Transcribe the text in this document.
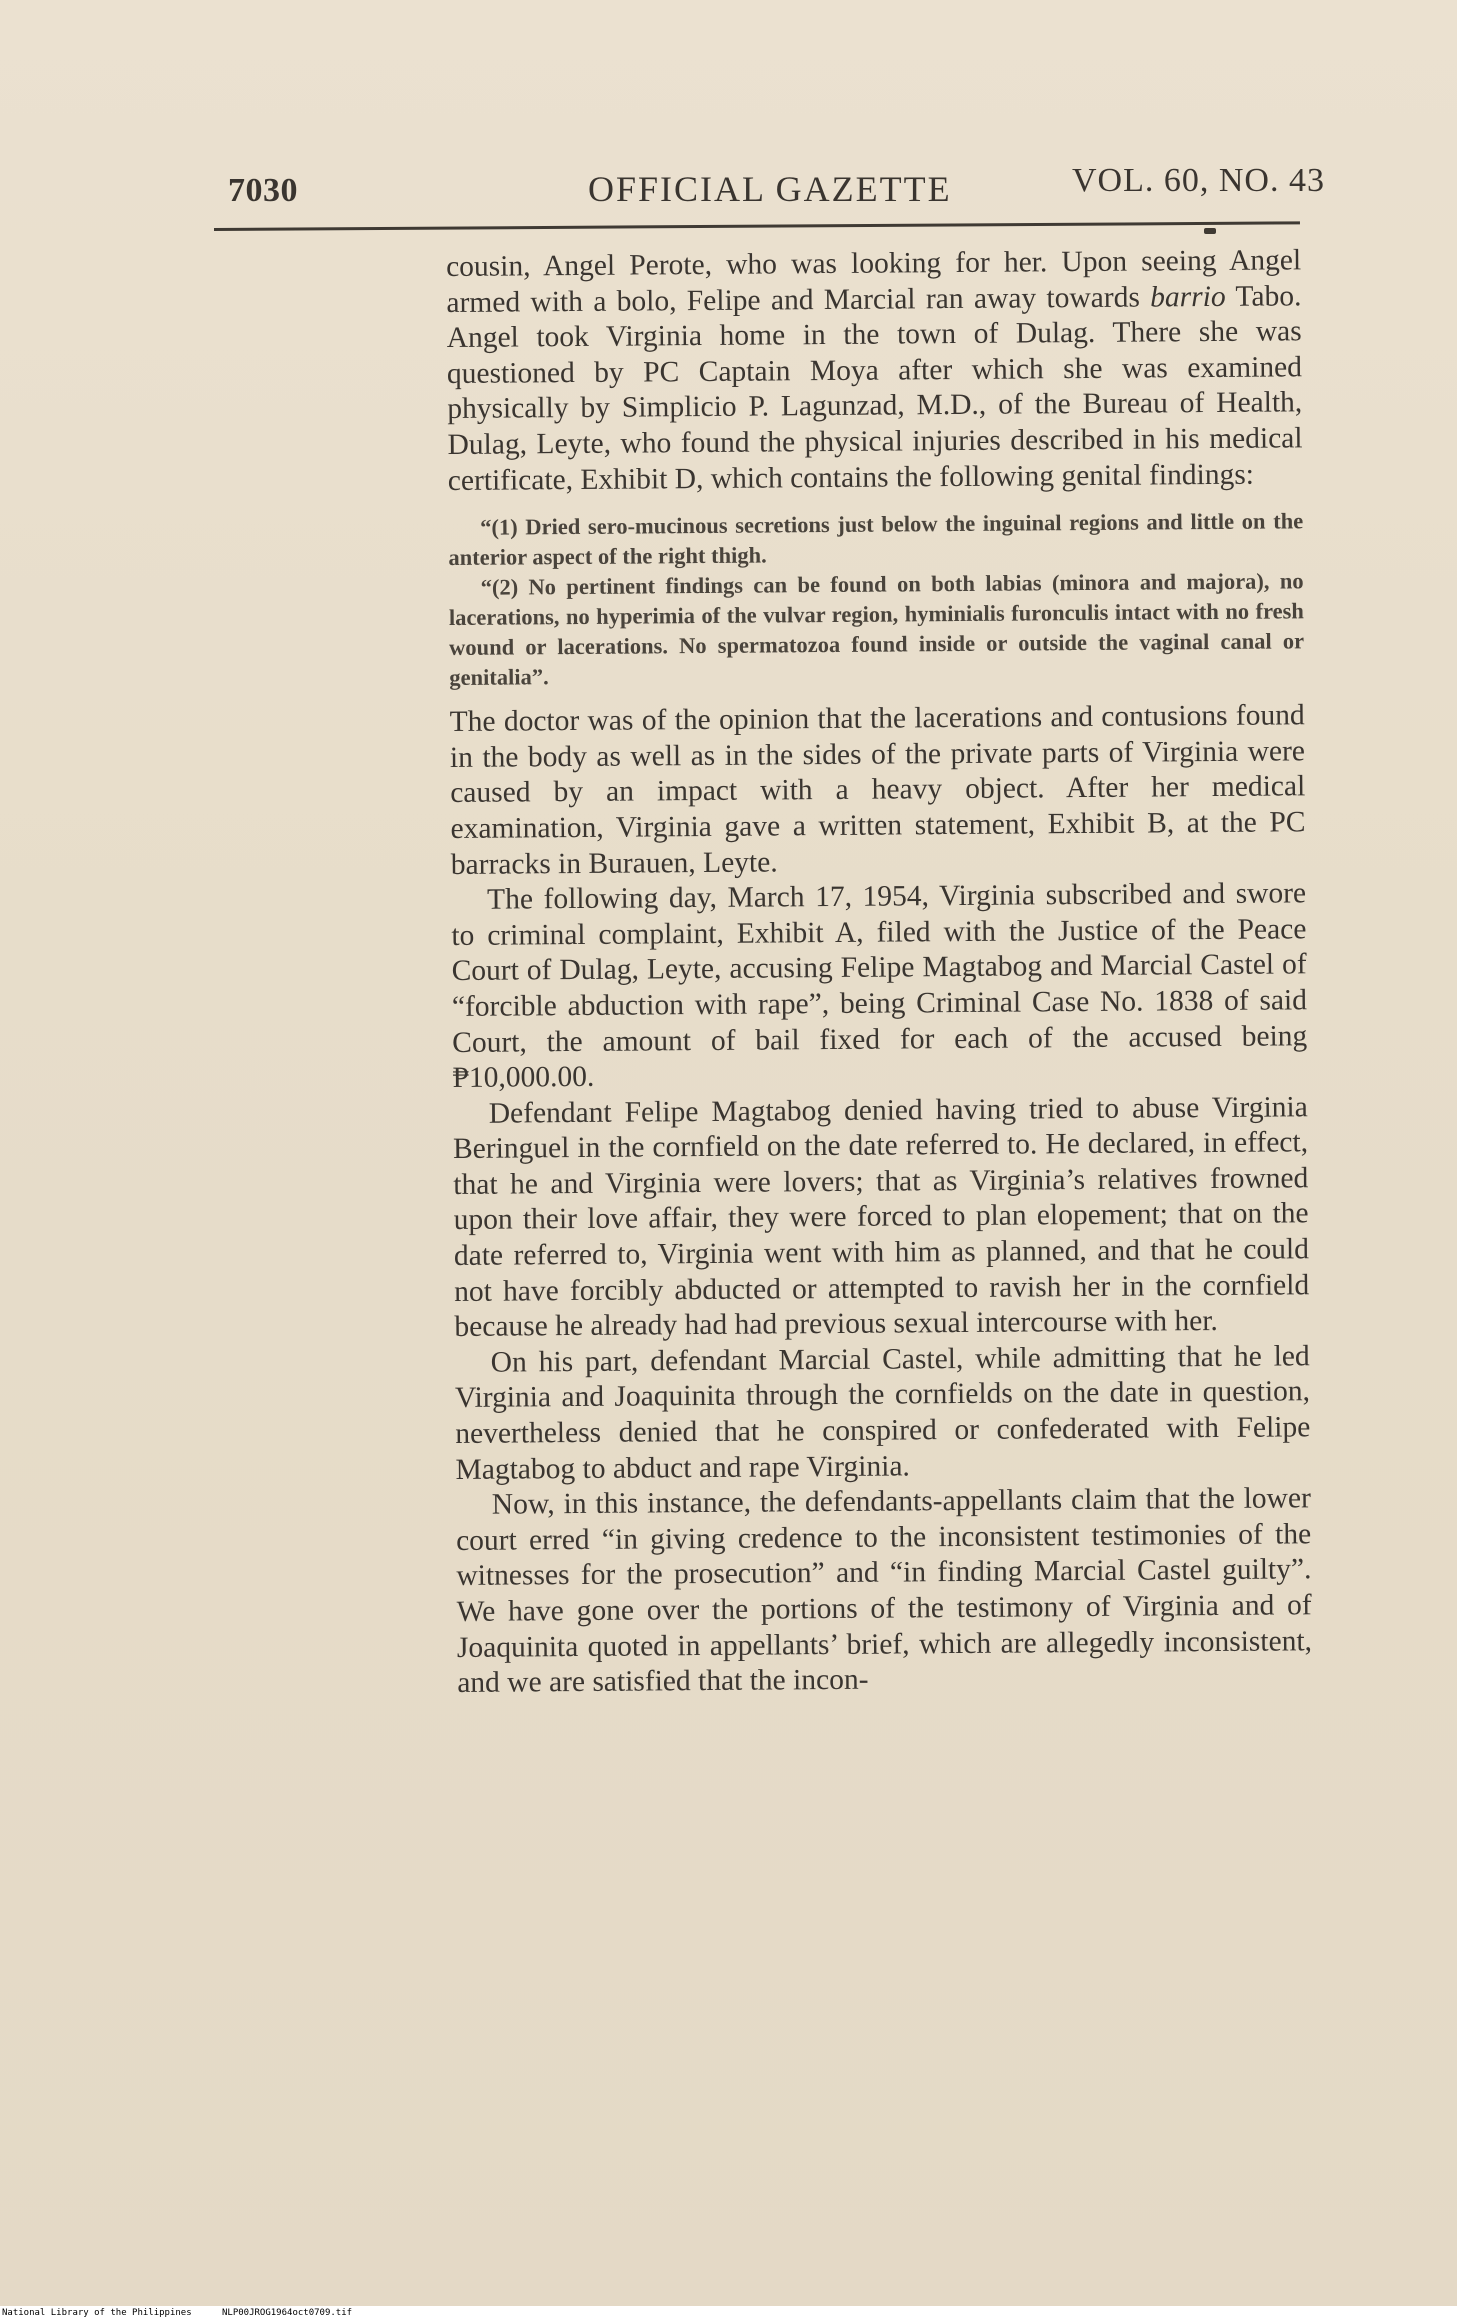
7030	OFFICIAL GAZETTE	VOL. 60, NO. 43

cousin, Angel Perote, who was looking for her. Upon seeing Angel armed with a bolo, Felipe and Marcial ran away towards barrio Tabo. Angel took Virginia home in the town of Dulag. There she was questioned by PC Captain Moya after which she was examined physically by Simplicio P. Lagunzad, M.D., of the Bureau of Health, Dulag, Leyte, who found the physical injuries described in his medical certificate, Exhibit D, which contains the following genital findings:

“(1) Dried sero-mucinous secretions just below the inguinal regions and little on the anterior aspect of the right thigh.

“(2) No pertinent findings can be found on both labias (minora and majora), no lacerations, no hyperimia of the vulvar region, hyminialis furonculis intact with no fresh wound or lacerations. No spermatozoa found inside or outside the vaginal canal or genitalia”.

The doctor was of the opinion that the lacerations and contusions found in the body as well as in the sides of the private parts of Virginia were caused by an impact with a heavy object. After her medical examination, Virginia gave a written statement, Exhibit B, at the PC barracks in Burauen, Leyte.

The following day, March 17, 1954, Virginia subscribed and swore to criminal complaint, Exhibit A, filed with the Justice of the Peace Court of Dulag, Leyte, accusing Felipe Magtabog and Marcial Castel of “forcible abduction with rape”, being Criminal Case No. 1838 of said Court, the amount of bail fixed for each of the accused being ₱10,000.00.

Defendant Felipe Magtabog denied having tried to abuse Virginia Beringuel in the cornfield on the date referred to. He declared, in effect, that he and Virginia were lovers; that as Virginia’s relatives frowned upon their love affair, they were forced to plan elopement; that on the date referred to, Virginia went with him as planned, and that he could not have forcibly abducted or attempted to ravish her in the cornfield because he already had had previous sexual intercourse with her.

On his part, defendant Marcial Castel, while admitting that he led Virginia and Joaquinita through the cornfields on the date in question, nevertheless denied that he conspired or confederated with Felipe Magtabog to abduct and rape Virginia.

Now, in this instance, the defendants-appellants claim that the lower court erred “in giving credence to the inconsistent testimonies of the witnesses for the prosecution” and “in finding Marcial Castel guilty”. We have gone over the portions of the testimony of Virginia and of Joaquinita quoted in appellants’ brief, which are allegedly inconsistent, and we are satisfied that the incon-

National Library of the Philippines

	NLP00JROG1964oct0709.tif
